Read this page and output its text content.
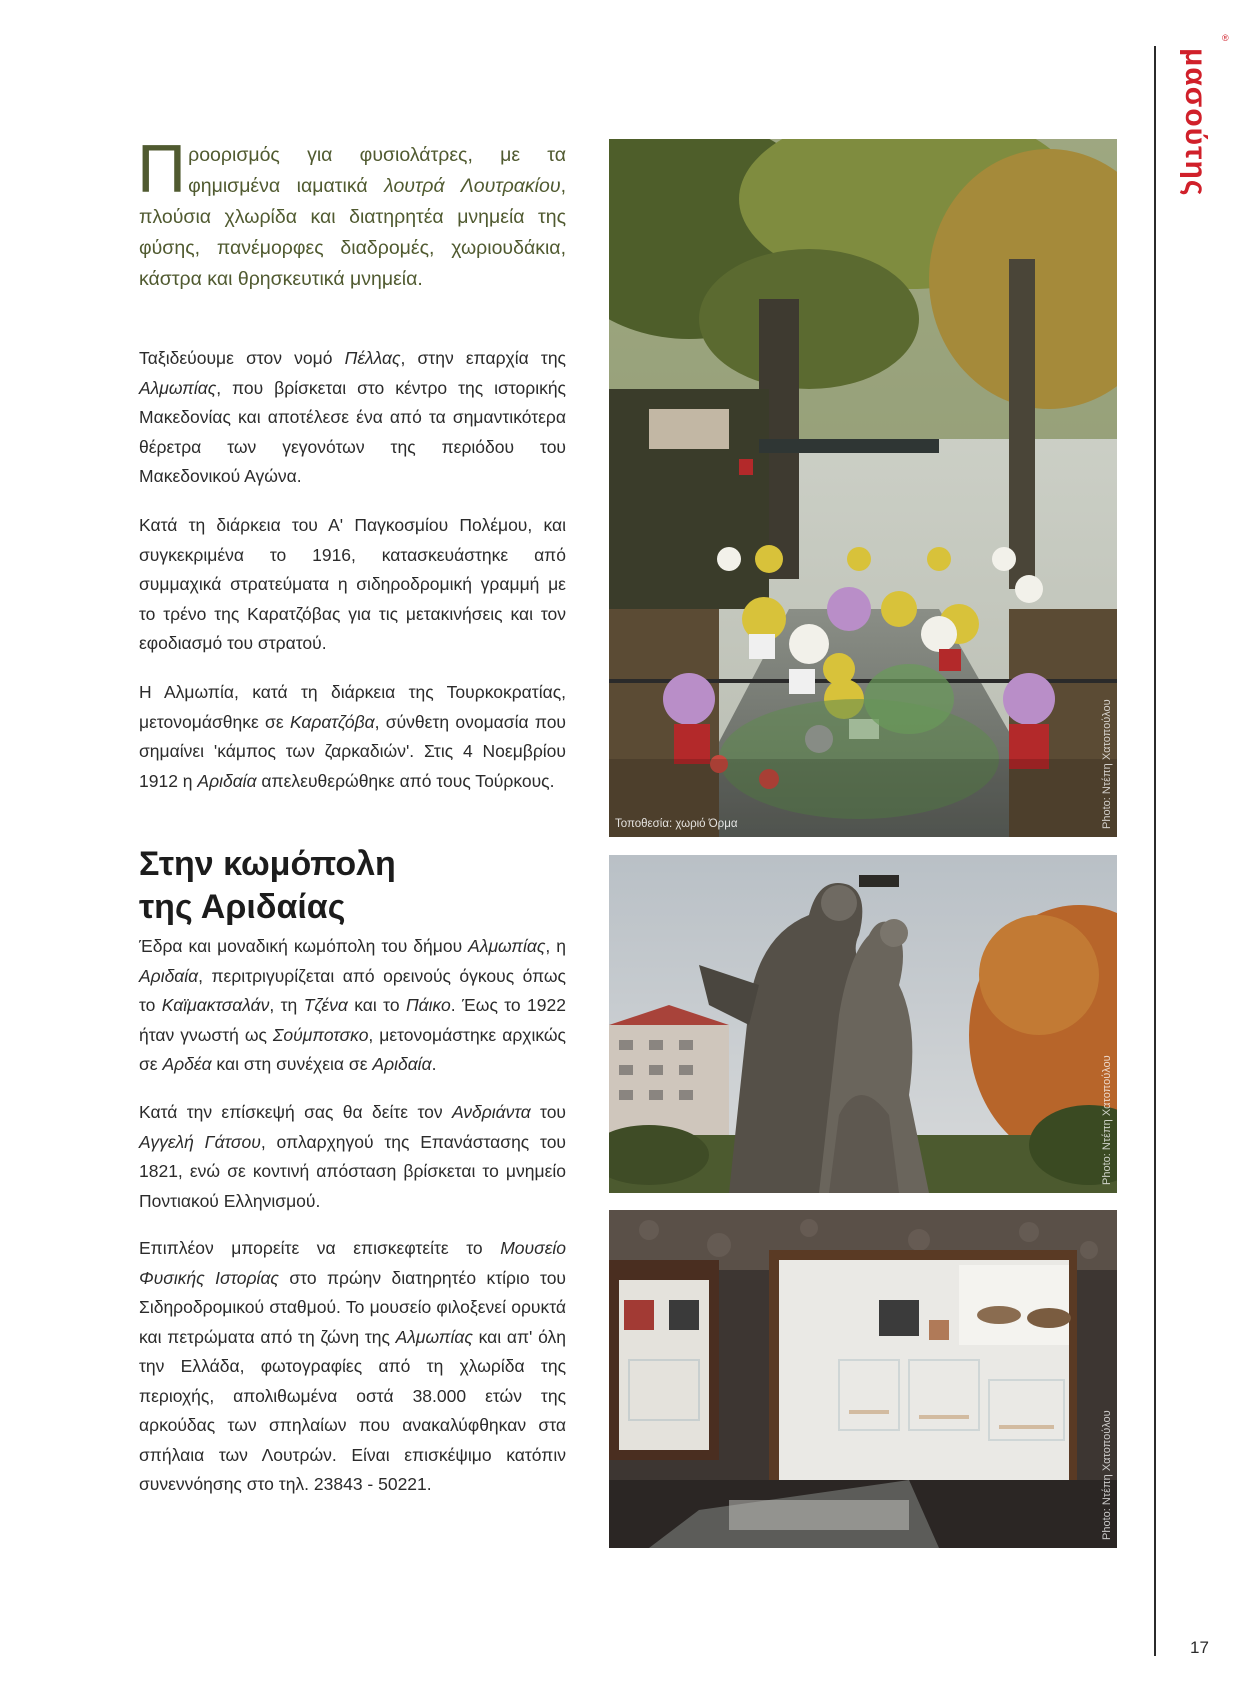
μασούτης
®
17
Π ροορισμός για φυσιολάτρες, με τα φημισμένα ιαματικά λουτρά Λουτρακίου, πλούσια χλωρίδα και διατηρητέα μνημεία της φύσης, πανέμορφες διαδρομές, χωριουδάκια, κάστρα και θρησκευτικά μνημεία.

Ταξιδεύουμε στον νομό Πέλλας, στην επαρχία της Αλμωπίας, που βρίσκεται στο κέντρο της ιστορικής Μακεδονίας και αποτέλεσε ένα από τα σημαντικότερα θέρετρα των γεγονότων της περιόδου του Μακεδονικού Αγώνα.

Κατά τη διάρκεια του Α' Παγκοσμίου Πολέμου, και συγκεκριμένα το 1916, κατασκευάστηκε από συμμαχικά στρατεύματα η σιδηροδρομική γραμμή με το τρένο της Καρατζόβας για τις μετακινήσεις και τον εφοδιασμό του στρατού.

Η Αλμωπία, κατά τη διάρκεια της Τουρκοκρατίας, μετονομάσθηκε σε Καρατζόβα, σύνθετη ονομασία που σημαίνει 'κάμπος των ζαρκαδιών'. Στις 4 Νοεμβρίου 1912 η Αριδαία απελευθερώθηκε από τους Τούρκους.

Στην κωμόπολη
της Αριδαίας

Έδρα και μοναδική κωμόπολη του δήμου Αλμωπίας, η Αριδαία, περιτριγυρίζεται από ορεινούς όγκους όπως το Καϊμακτσαλάν, τη Τζένα και το Πάικο. Έως το 1922 ήταν γνωστή ως Σούμποτσκο, μετονομάστηκε αρχικώς σε Αρδέα και στη συνέχεια σε Αριδαία.

Κατά την επίσκεψή σας θα δείτε τον Ανδριάντα του Αγγελή Γάτσου, οπλαρχηγού της Επανάστασης του 1821, ενώ σε κοντινή απόσταση βρίσκεται το μνημείο Ποντιακού Ελληνισμού.

Επιπλέον μπορείτε να επισκεφτείτε το Μουσείο Φυσικής Ιστορίας στο πρώην διατηρητέο κτίριο του Σιδηροδρομικού σταθμού. Το μουσείο φιλοξενεί ορυκτά και πετρώματα από τη ζώνη της Αλμωπίας και απ' όλη την Ελλάδα, φωτογραφίες από τη χλωρίδα της περιοχής, απολιθωμένα οστά 38.000 ετών της αρκούδας των σπηλαίων που ανακαλύφθηκαν στα σπήλαια των Λουτρών. Είναι επισκέψιμο κατόπιν συνεννόησης στο τηλ. 23843 - 50221.

Τοποθεσία: χωριό Όρμα	Photo: Ντέπη Χατοπούλου
Photo: Ντέπη Χατοπούλου
Photo: Ντέπη Χατοπούλου
